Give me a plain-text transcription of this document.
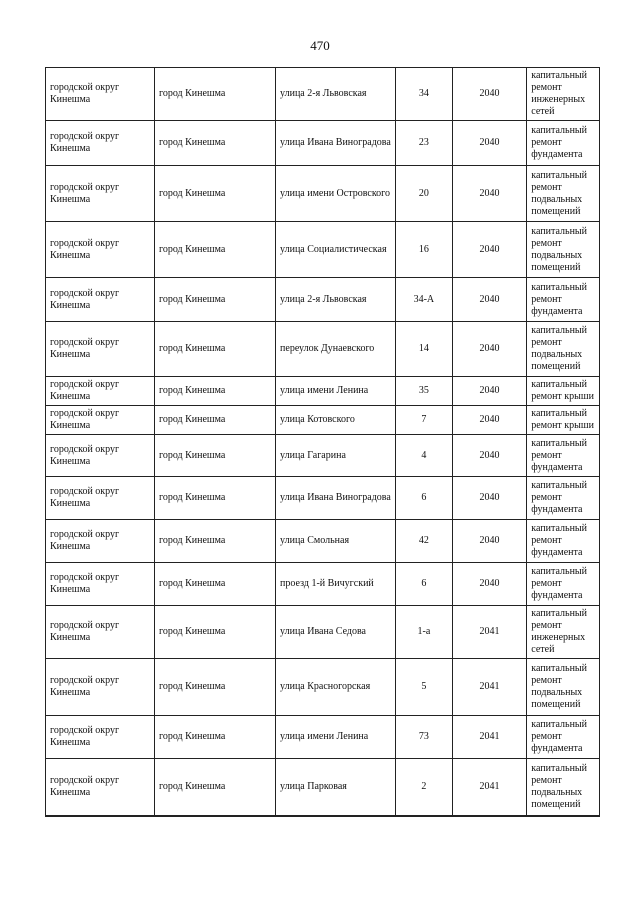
470
городской округ Кинешма	город Кинешма	улица 2-я Львовская	34	2040	капитальный ремонт инженерных сетей
городской округ Кинешма	город Кинешма	улица Ивана Виноградова	23	2040	капитальный ремонт фундамента
городской округ Кинешма	город Кинешма	улица имени Островского	20	2040	капитальный ремонт подвальных помещений
городской округ Кинешма	город Кинешма	улица Социалистическая	16	2040	капитальный ремонт подвальных помещений
городской округ Кинешма	город Кинешма	улица 2-я Львовская	34-А	2040	капитальный ремонт фундамента
городской округ Кинешма	город Кинешма	переулок Дунаевского	14	2040	капитальный ремонт подвальных помещений
городской округ Кинешма	город Кинешма	улица имени Ленина	35	2040	капитальный ремонт крыши
городской округ Кинешма	город Кинешма	улица Котовского	7	2040	капитальный ремонт крыши
городской округ Кинешма	город Кинешма	улица Гагарина	4	2040	капитальный ремонт фундамента
городской округ Кинешма	город Кинешма	улица Ивана Виноградова	6	2040	капитальный ремонт фундамента
городской округ Кинешма	город Кинешма	улица Смольная	42	2040	капитальный ремонт фундамента
городской округ Кинешма	город Кинешма	проезд 1-й Вичугский	6	2040	капитальный ремонт фундамента
городской округ Кинешма	город Кинешма	улица Ивана Седова	1-а	2041	капитальный ремонт инженерных сетей
городской округ Кинешма	город Кинешма	улица Красногорская	5	2041	капитальный ремонт подвальных помещений
городской округ Кинешма	город Кинешма	улица имени Ленина	73	2041	капитальный ремонт фундамента
городской округ Кинешма	город Кинешма	улица Парковая	2	2041	капитальный ремонт подвальных помещений
